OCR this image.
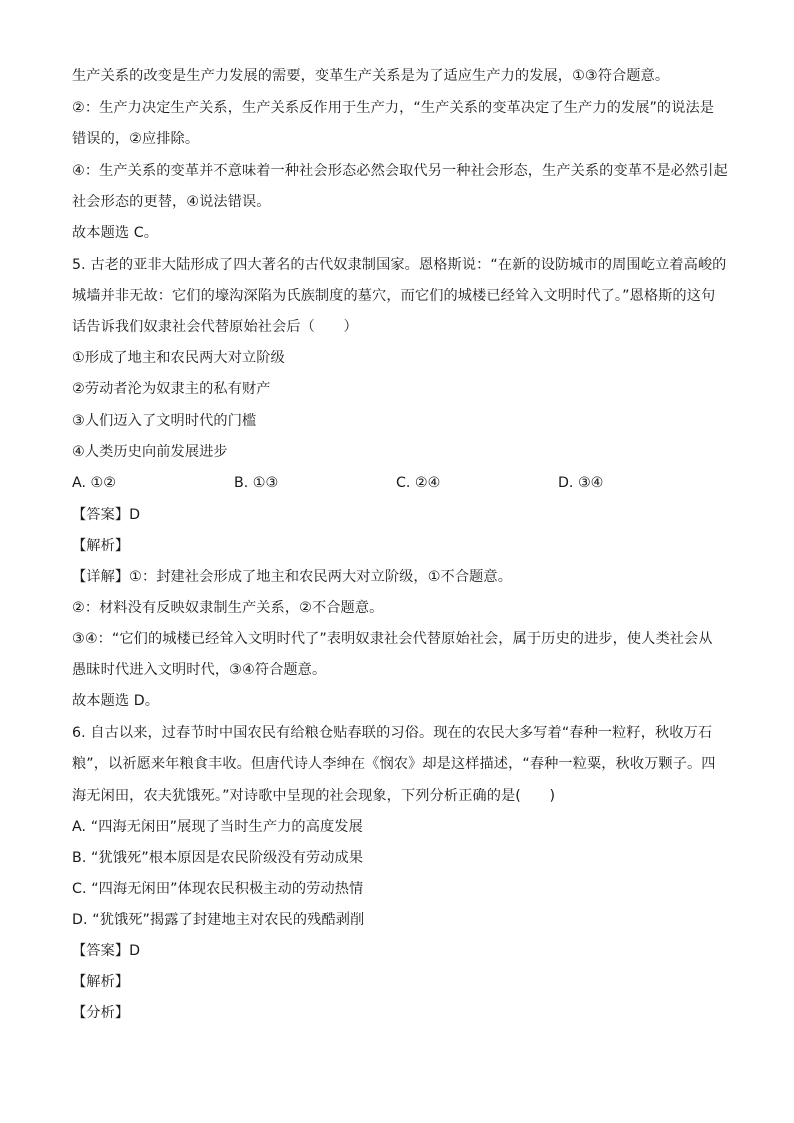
生产关系的改变是生产力发展的需要，变革生产关系是为了适应生产力的发展，①③符合题意。
②：生产力决定生产关系，生产关系反作用于生产力，“生产关系的变革决定了生产力的发展”的说法是
错误的，②应排除。
④：生产关系的变革并不意味着一种社会形态必然会取代另一种社会形态，生产关系的变革不是必然引起
社会形态的更替，④说法错误。
故本题选 C。
5. 古老的亚非大陆形成了四大著名的古代奴隶制国家。恩格斯说：“在新的设防城市的周围屹立着高峻的
城墙并非无故：它们的壕沟深陷为氏族制度的墓穴，而它们的城楼已经耸入文明时代了。”恩格斯的这句
话告诉我们奴隶社会代替原始社会后（　　）
①形成了地主和农民两大对立阶级
②劳动者沦为奴隶主的私有财产
③人们迈入了文明时代的门槛
④人类历史向前发展进步
A. ①②	B. ①③	C. ②④	D. ③④
【答案】D
【解析】
【详解】①：封建社会形成了地主和农民两大对立阶级，①不合题意。
②：材料没有反映奴隶制生产关系，②不合题意。
③④：“它们的城楼已经耸入文明时代了”表明奴隶社会代替原始社会，属于历史的进步，使人类社会从
愚昧时代进入文明时代，③④符合题意。
故本题选 D。
6. 自古以来，过春节时中国农民有给粮仓贴春联的习俗。现在的农民大多写着“春种一粒籽，秋收万石
粮”，以祈愿来年粮食丰收。但唐代诗人李绅在《悯农》却是这样描述，“春种一粒粟，秋收万颗子。四
海无闲田，农夫犹饿死。”对诗歌中呈现的社会现象，下列分析正确的是(　　)
A. “四海无闲田”展现了当时生产力的高度发展
B. “犹饿死”根本原因是农民阶级没有劳动成果
C. “四海无闲田”体现农民积极主动的劳动热情
D. “犹饿死”揭露了封建地主对农民的残酷剥削
【答案】D
【解析】
【分析】
